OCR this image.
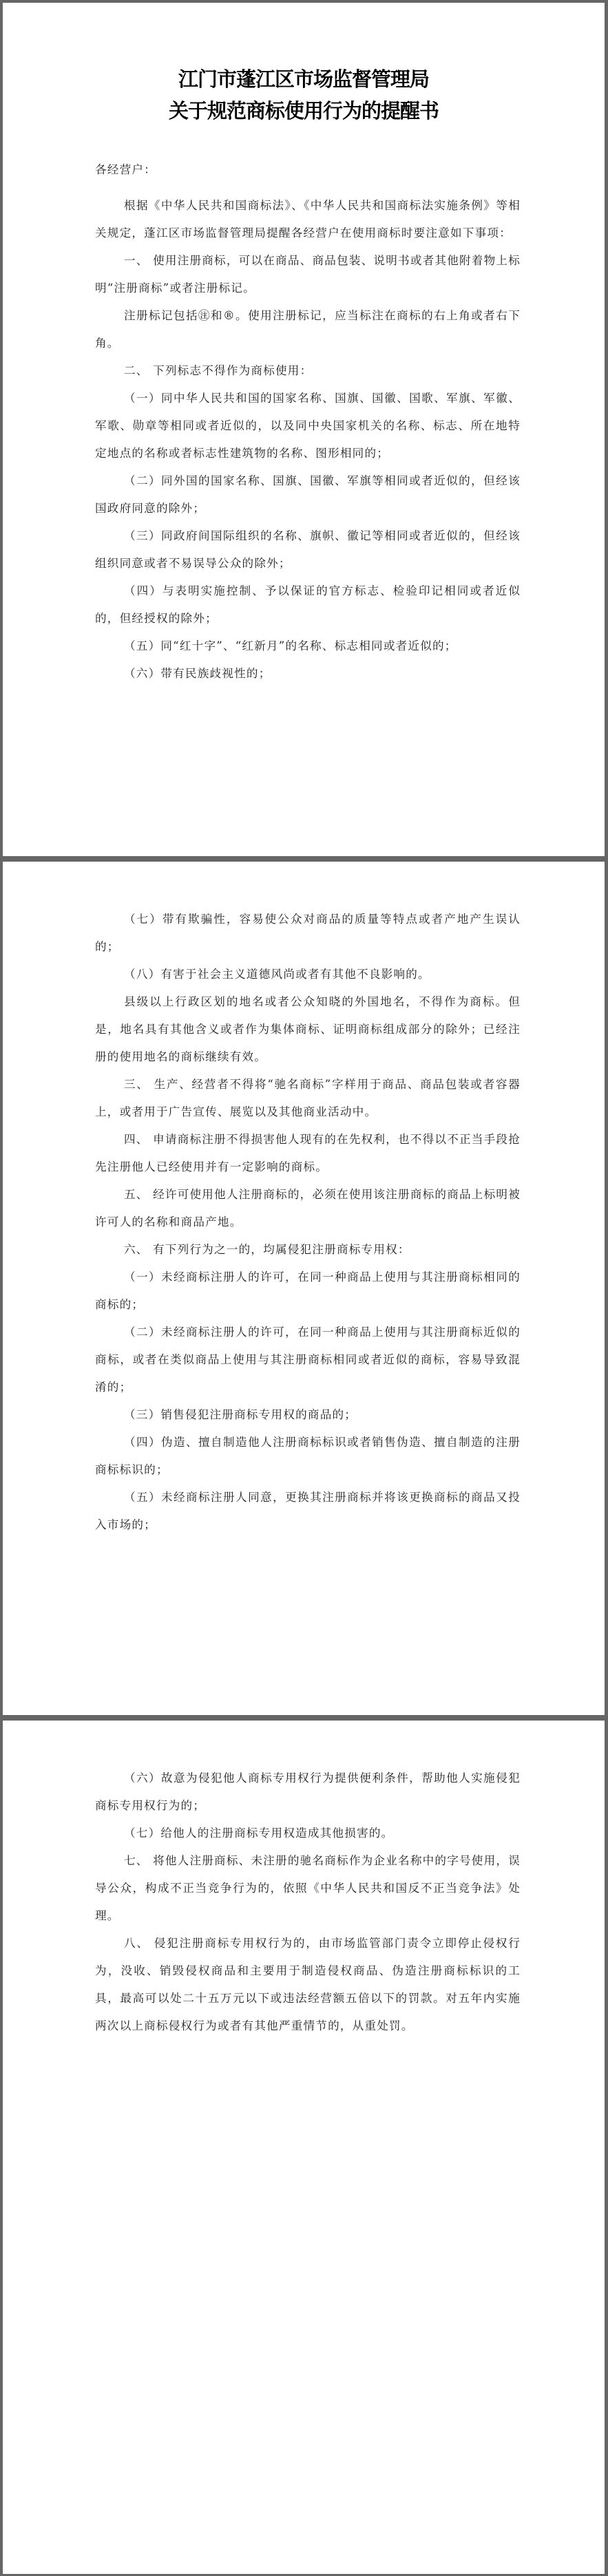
江门市蓬江区市场监督管理局
关于规范商标使用行为的提醒书

各经营户：

根据《中华人民共和国商标法》、《中华人民共和国商标法实施条例》等相关规定，蓬江区市场监督管理局提醒各经营户在使用商标时要注意如下事项：

一、 使用注册商标，可以在商品、商品包装、说明书或者其他附着物上标明“注册商标”或者注册标记。

注册标记包括㊟和®。使用注册标记，应当标注在商标的右上角或者右下角。

二、 下列标志不得作为商标使用：

（一）同中华人民共和国的国家名称、国旗、国徽、国歌、军旗、军徽、军歌、勋章等相同或者近似的，以及同中央国家机关的名称、标志、所在地特定地点的名称或者标志性建筑物的名称、图形相同的；

（二）同外国的国家名称、国旗、国徽、军旗等相同或者近似的，但经该国政府同意的除外；

（三）同政府间国际组织的名称、旗帜、徽记等相同或者近似的，但经该组织同意或者不易误导公众的除外；

（四）与表明实施控制、予以保证的官方标志、检验印记相同或者近似的，但经授权的除外；

（五）同“红十字”、“红新月”的名称、标志相同或者近似的；

（六）带有民族歧视性的；

（七）带有欺骗性，容易使公众对商品的质量等特点或者产地产生误认的；

（八）有害于社会主义道德风尚或者有其他不良影响的。

县级以上行政区划的地名或者公众知晓的外国地名，不得作为商标。但是，地名具有其他含义或者作为集体商标、证明商标组成部分的除外；已经注册的使用地名的商标继续有效。

三、 生产、经营者不得将“驰名商标”字样用于商品、商品包装或者容器上，或者用于广告宣传、展览以及其他商业活动中。

四、 申请商标注册不得损害他人现有的在先权利，也不得以不正当手段抢先注册他人已经使用并有一定影响的商标。

五、 经许可使用他人注册商标的，必须在使用该注册商标的商品上标明被许可人的名称和商品产地。

六、 有下列行为之一的，均属侵犯注册商标专用权：

（一）未经商标注册人的许可，在同一种商品上使用与其注册商标相同的商标的；

（二）未经商标注册人的许可，在同一种商品上使用与其注册商标近似的商标，或者在类似商品上使用与其注册商标相同或者近似的商标，容易导致混淆的；

（三）销售侵犯注册商标专用权的商品的；

（四）伪造、擅自制造他人注册商标标识或者销售伪造、擅自制造的注册商标标识的；

（五）未经商标注册人同意，更换其注册商标并将该更换商标的商品又投入市场的；

（六）故意为侵犯他人商标专用权行为提供便利条件，帮助他人实施侵犯商标专用权行为的；

（七）给他人的注册商标专用权造成其他损害的。

七、 将他人注册商标、未注册的驰名商标作为企业名称中的字号使用，误导公众，构成不正当竞争行为的，依照《中华人民共和国反不正当竞争法》处理。

八、 侵犯注册商标专用权行为的，由市场监管部门责令立即停止侵权行为，没收、销毁侵权商品和主要用于制造侵权商品、伪造注册商标标识的工具，最高可以处二十五万元以下或违法经营额五倍以下的罚款。对五年内实施两次以上商标侵权行为或者有其他严重情节的，从重处罚。
